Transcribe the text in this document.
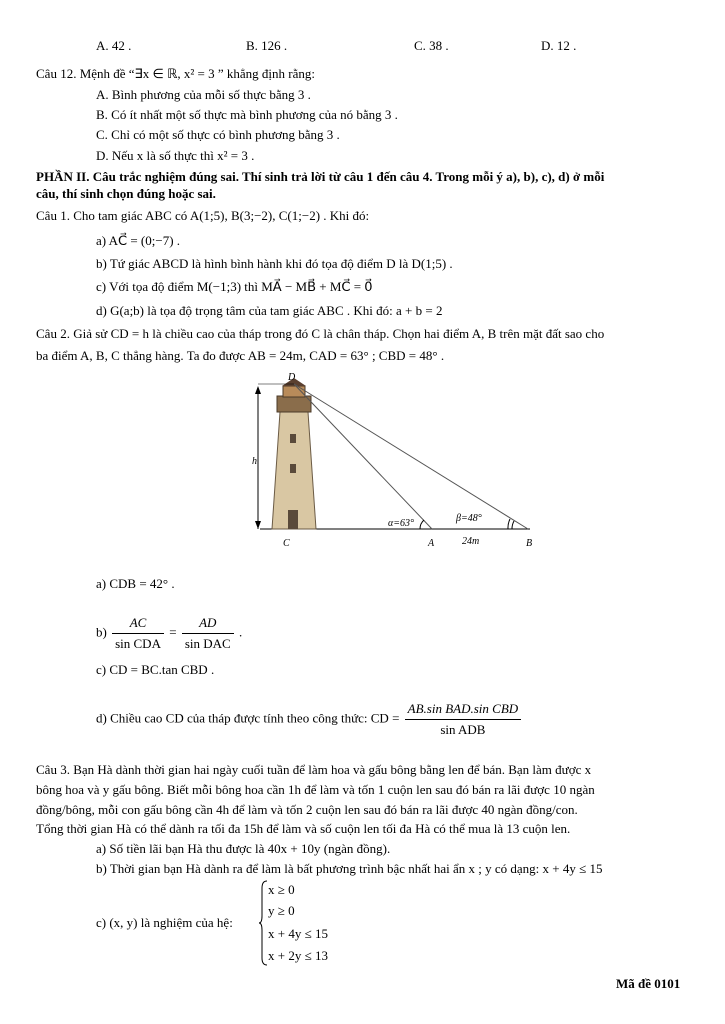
A. 42 .	B. 126 .	C. 38 .	D. 12 .
Câu 12. Mệnh đề “∃x ∈ ℝ, x² = 3 ” khẳng định rằng:
A. Bình phương của mỗi số thực bằng 3 .
B. Có ít nhất một số thực mà bình phương của nó bằng 3 .
C. Chỉ có một số thực có bình phương bằng 3 .
D. Nếu x là số thực thì x² = 3 .
PHẦN II. Câu trắc nghiệm đúng sai. Thí sinh trả lời từ câu 1 đến câu 4. Trong mỗi ý a), b), c), d) ở mỗi
câu, thí sinh chọn đúng hoặc sai.
Câu 1. Cho tam giác ABC có A(1;5), B(3;−2), C(1;−2) . Khi đó:
a) AC⃗ = (0;−7) .
b) Tứ giác ABCD là hình bình hành khi đó tọa độ điểm D là D(1;5) .
c) Với tọa độ điểm M(−1;3) thì MA⃗ − MB⃗ + MC⃗ = 0⃗
d) G(a;b) là tọa độ trọng tâm của tam giác ABC . Khi đó: a + b = 2
Câu 2. Giả sử CD = h là chiều cao của tháp trong đó C là chân tháp. Chọn hai điểm A, B trên mặt đất sao cho
ba điểm A, B, C thẳng hàng. Ta đo được AB = 24m, CAD = 63° ; CBD = 48° .
D
h
C	A	B
α=63°	β=48°
24m
a) CDB = 42° .
$b) \frac{AC}{\text{sin CDA}} = \frac{AD}{\text{sin DAC}}$ .
c) CD = BC.tan CBD .
d) Chiều cao CD của tháp được tính theo công thức: CD = $\frac{\text{AB.sin BAD.sin CBD}}{\text{sin ADB}}$
Câu 3. Bạn Hà dành thời gian hai ngày cuối tuần để làm hoa và gấu bông bằng len để bán. Bạn làm được x
bông hoa và y gấu bông. Biết mỗi bông hoa cần 1h để làm và tốn 1 cuộn len sau đó bán ra lãi được 10 ngàn
đồng/bông, mỗi con gấu bông cần 4h để làm và tốn 2 cuộn len sau đó bán ra lãi được 40 ngàn đồng/con.
Tổng thời gian Hà có thể dành ra tối đa 15h để làm và số cuộn len tối đa Hà có thể mua là 13 cuộn len.
a) Số tiền lãi bạn Hà thu được là 40x + 10y (ngàn đồng).
b) Thời gian bạn Hà dành ra để làm là bất phương trình bậc nhất hai ẩn x ; y có dạng: x + 4y ≤ 15
c) (x, y) là nghiệm của hệ:
x ≥ 0
y ≥ 0
x + 4y ≤ 15
x + 2y ≤ 13
Mã đề 0101
